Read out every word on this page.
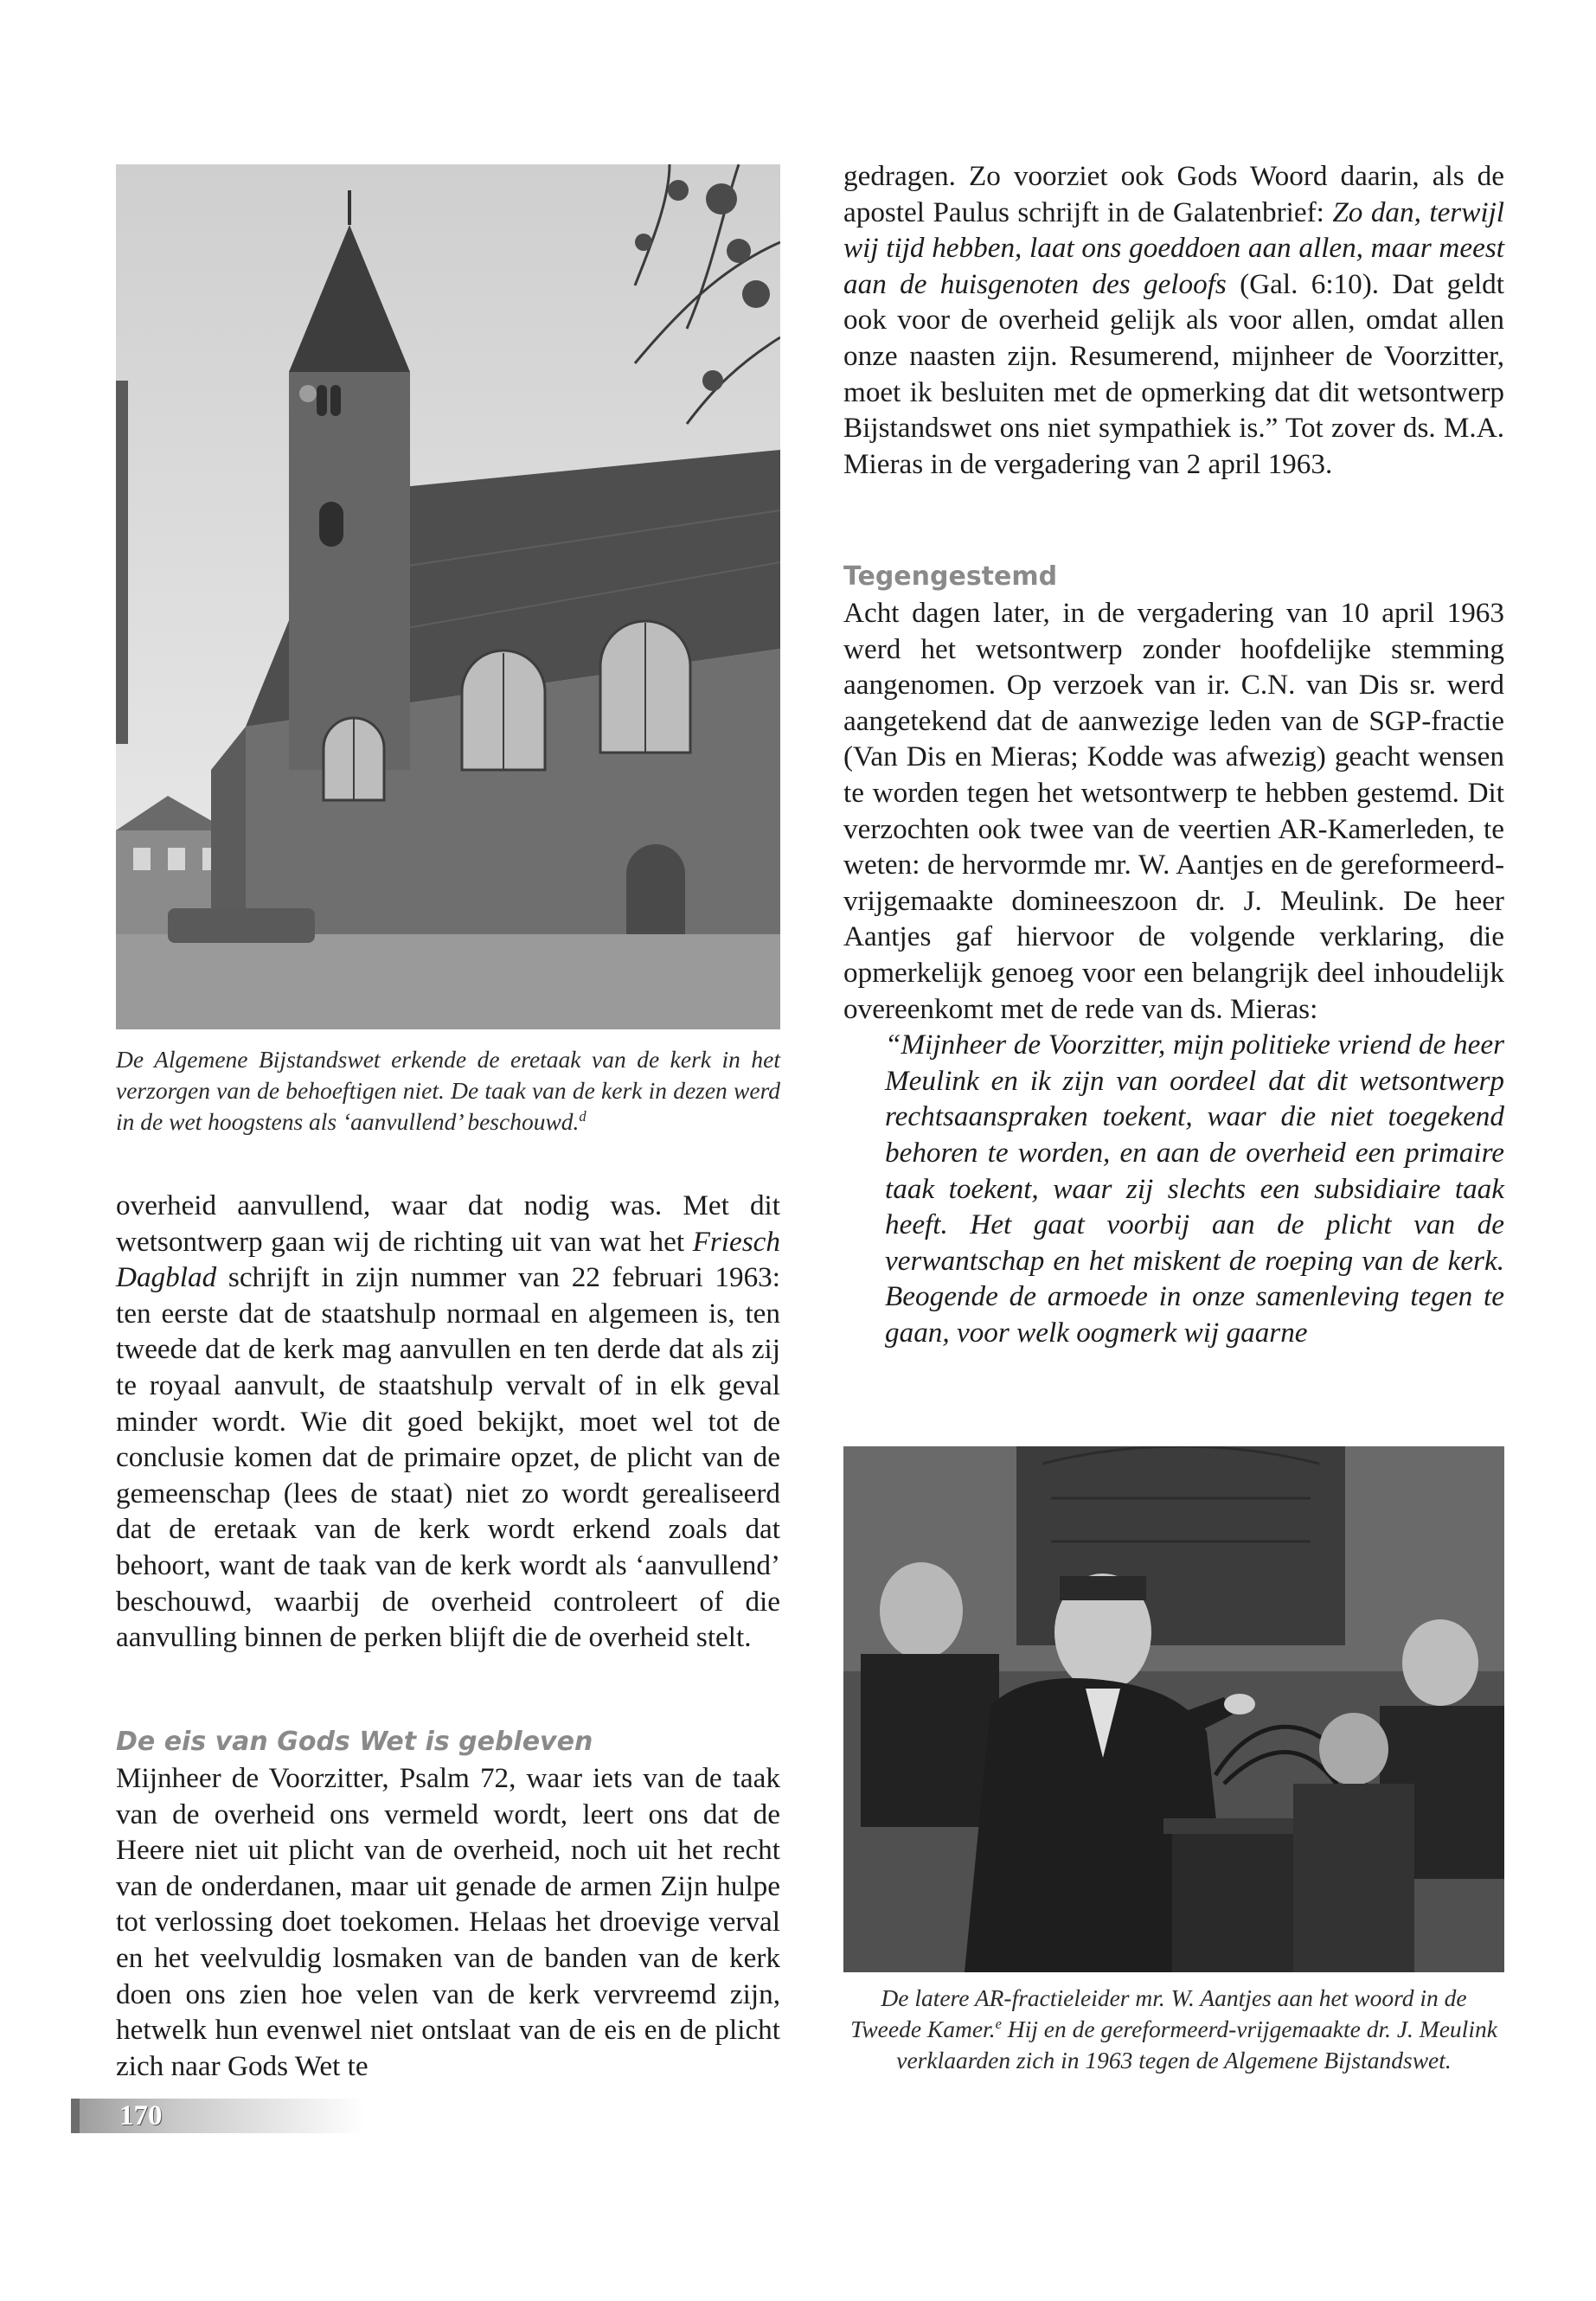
De Algemene Bijstandswet erkende de eretaak van de kerk in het verzorgen van de behoeftigen niet. De taak van de kerk in dezen werd in de wet hoogstens als ‘aanvullend’ beschouwd.$^d$

overheid aanvullend, waar dat nodig was. Met dit wetsontwerp gaan wij de richting uit van wat het Friesch Dagblad schrijft in zijn nummer van 22 februari 1963: ten eerste dat de staatshulp normaal en algemeen is, ten tweede dat de kerk mag aanvullen en ten derde dat als zij te royaal aanvult, de staatshulp vervalt of in elk geval minder wordt. Wie dit goed bekijkt, moet wel tot de conclusie komen dat de primaire opzet, de plicht van de gemeenschap (lees de staat) niet zo wordt gerealiseerd dat de eretaak van de kerk wordt erkend zoals dat behoort, want de taak van de kerk wordt als ‘aanvullend’ beschouwd, waarbij de overheid controleert of die aanvulling binnen de perken blijft die de overheid stelt.

De eis van Gods Wet is gebleven

Mijnheer de Voorzitter, Psalm 72, waar iets van de taak van de overheid ons vermeld wordt, leert ons dat de Heere niet uit plicht van de overheid, noch uit het recht van de onderdanen, maar uit genade de armen Zijn hulpe tot verlossing doet toekomen. Helaas het droevige verval en het veelvuldig losmaken van de banden van de kerk doen ons zien hoe velen van de kerk vervreemd zijn, hetwelk hun evenwel niet ontslaat van de eis en de plicht zich naar Gods Wet te

gedragen. Zo voorziet ook Gods Woord daarin, als de apostel Paulus schrijft in de Galatenbrief: Zo dan, terwijl wij tijd hebben, laat ons goeddoen aan allen, maar meest aan de huisgenoten des geloofs (Gal. 6:10). Dat geldt ook voor de overheid gelijk als voor allen, omdat allen onze naasten zijn. Resumerend, mijnheer de Voorzitter, moet ik besluiten met de opmerking dat dit wetsontwerp Bijstandswet ons niet sympathiek is.” Tot zover ds. M.A. Mieras in de vergadering van 2 april 1963.

Tegengestemd

Acht dagen later, in de vergadering van 10 april 1963 werd het wetsontwerp zonder hoofdelijke stemming aangenomen. Op verzoek van ir. C.N. van Dis sr. werd aangetekend dat de aanwezige leden van de SGP-fractie (Van Dis en Mieras; Kodde was afwezig) geacht wensen te worden tegen het wetsontwerp te hebben gestemd. Dit verzochten ook twee van de veertien AR-Kamerleden, te weten: de hervormde mr. W. Aantjes en de gereformeerd-vrijgemaakte domineeszoon dr. J. Meulink. De heer Aantjes gaf hiervoor de volgende verklaring, die opmerkelijk genoeg voor een belangrijk deel inhoudelijk overeenkomt met de rede van ds. Mieras:

“Mijnheer de Voorzitter, mijn politieke vriend de heer Meulink en ik zijn van oordeel dat dit wetsontwerp rechtsaanspraken toekent, waar die niet toegekend behoren te worden, en aan de overheid een primaire taak toekent, waar zij slechts een subsidiaire taak heeft. Het gaat voorbij aan de plicht van de verwantschap en het miskent de roeping van de kerk. Beogende de armoede in onze samenleving tegen te gaan, voor welk oogmerk wij gaarne

De latere AR-fractieleider mr. W. Aantjes aan het woord in de Tweede Kamer.$^e$ Hij en de gereformeerd-vrijgemaakte dr. J. Meulink verklaarden zich in 1963 tegen de Algemene Bijstandswet.
170
